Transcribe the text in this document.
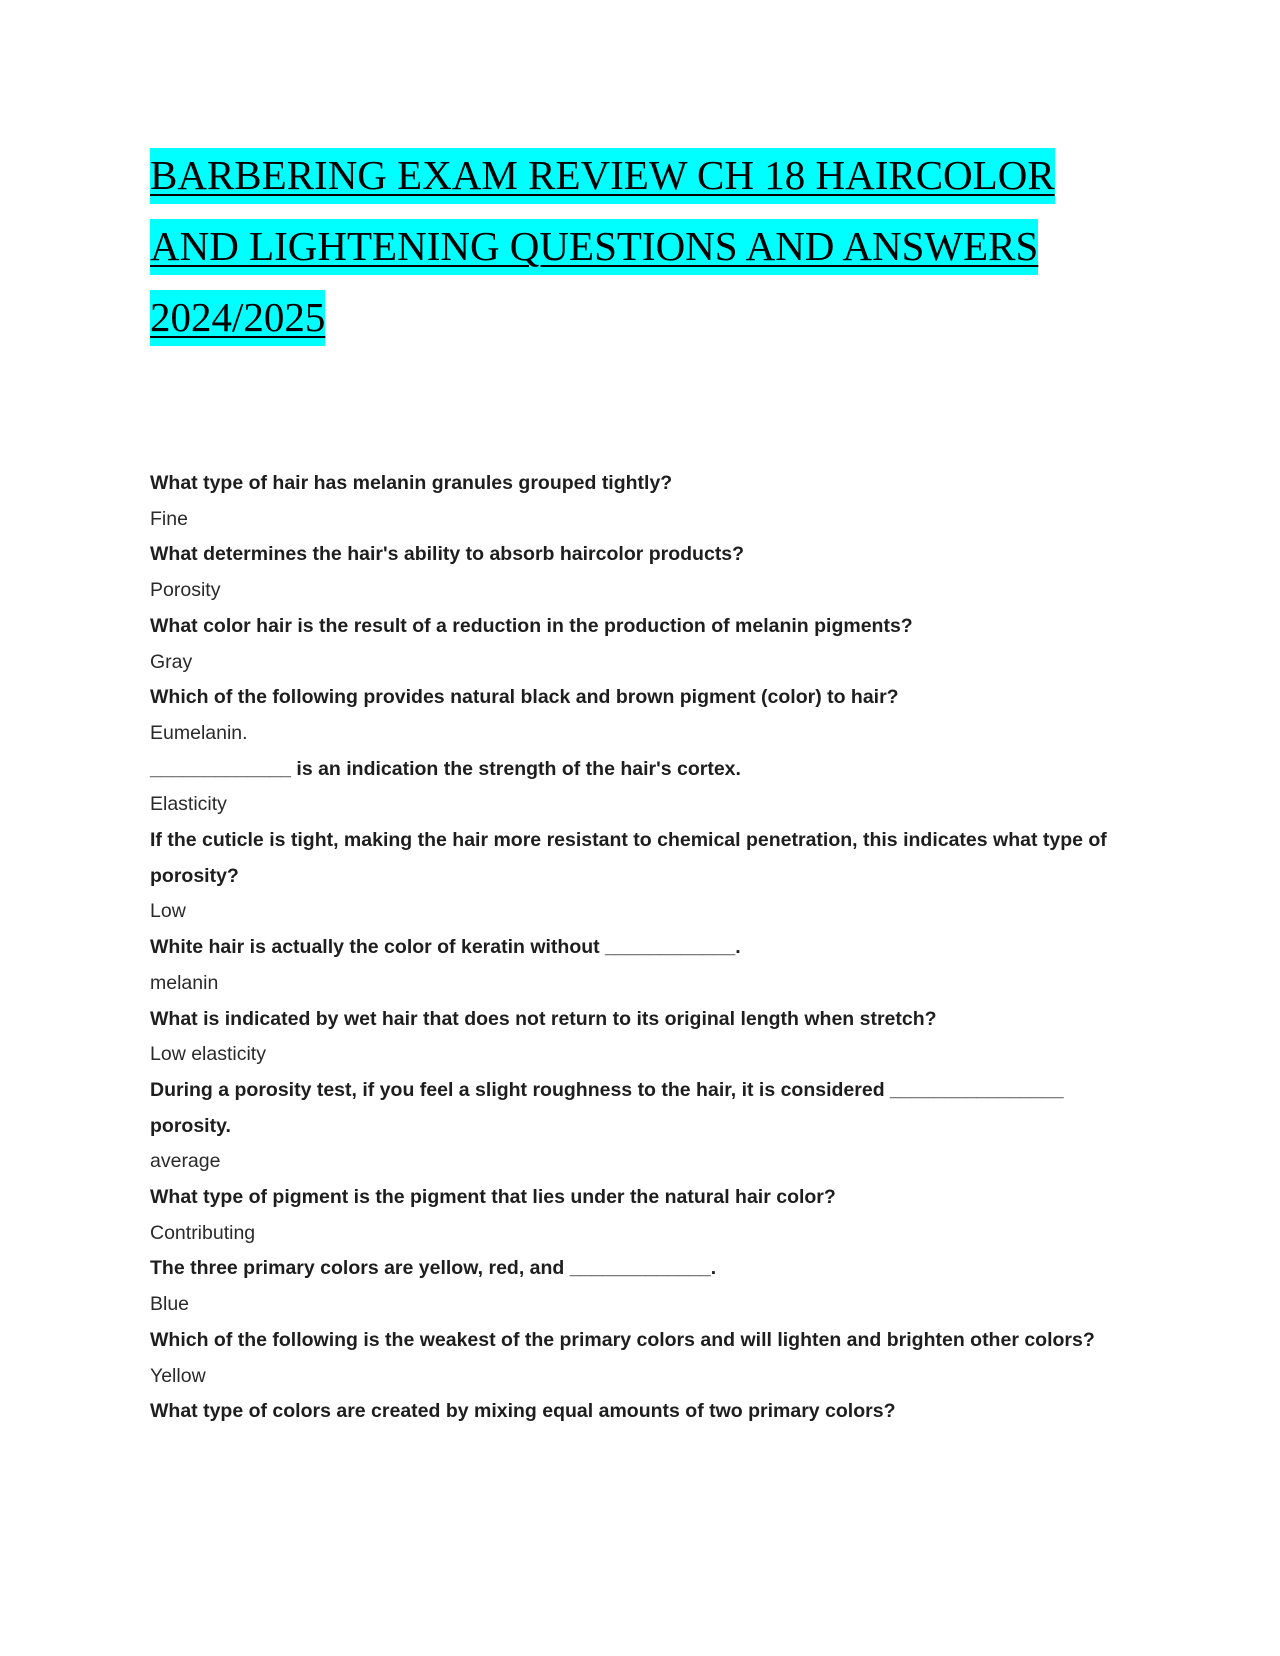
BARBERING EXAM REVIEW CH 18 HAIRCOLOR
AND LIGHTENING QUESTIONS AND ANSWERS
2024/2025

What type of hair has melanin granules grouped tightly?

Fine

What determines the hair's ability to absorb haircolor products?

Porosity

What color hair is the result of a reduction in the production of melanin pigments?

Gray

Which of the following provides natural black and brown pigment (color) to hair?

Eumelanin.

_____________ is an indication the strength of the hair's cortex.

Elasticity

If the cuticle is tight, making the hair more resistant to chemical penetration, this indicates what type of porosity?

Low

White hair is actually the color of keratin without ____________.

melanin

What is indicated by wet hair that does not return to its original length when stretch?

Low elasticity

During a porosity test, if you feel a slight roughness to the hair, it is considered ________________ porosity.

average

What type of pigment is the pigment that lies under the natural hair color?

Contributing

The three primary colors are yellow, red, and _____________.

Blue

Which of the following is the weakest of the primary colors and will lighten and brighten other colors?

Yellow

What type of colors are created by mixing equal amounts of two primary colors?
